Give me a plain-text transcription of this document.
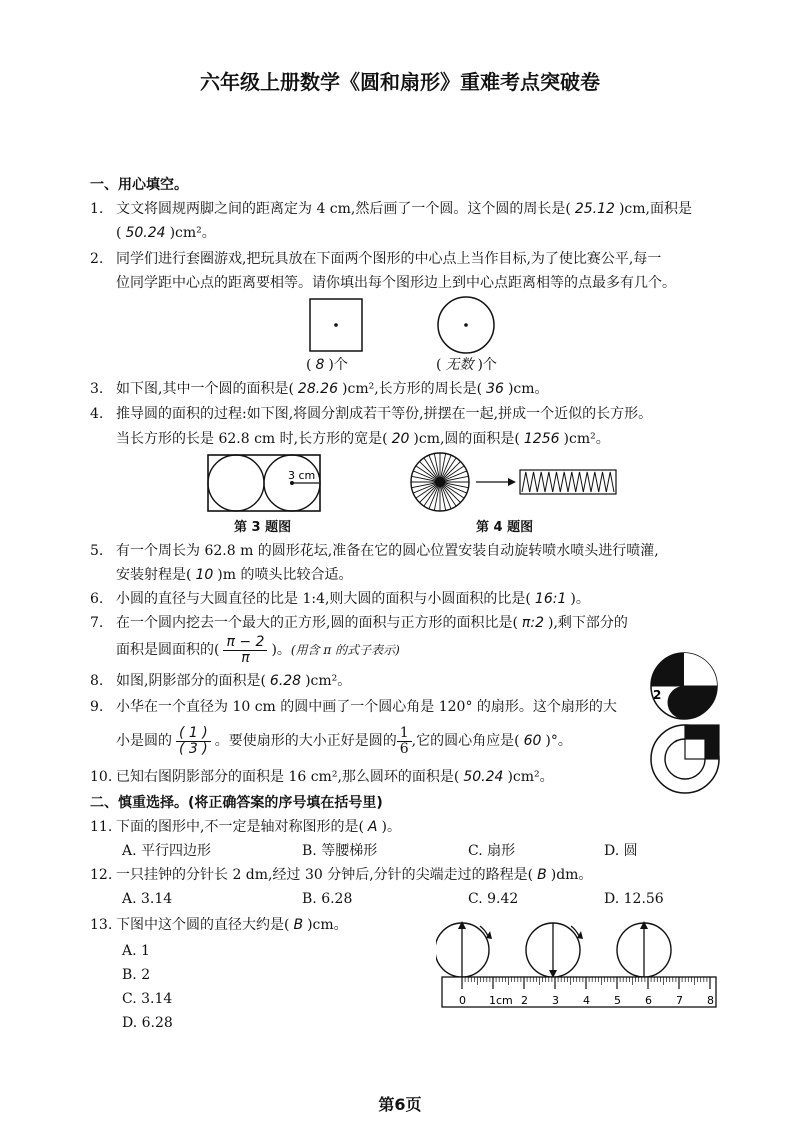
六年级上册数学《圆和扇形》重难考点突破卷
一、用心填空。
1. 文文将圆规两脚之间的距离定为 4 cm,然后画了一个圆。这个圆的周长是( 25.12 )cm,面积是
( 50.24 )cm²。
2. 同学们进行套圈游戏,把玩具放在下面两个图形的中心点上当作目标,为了使比赛公平,每一
位同学距中心点的距离要相等。请你填出每个图形边上到中心点距离相等的点最多有几个。
( 8 )个	( 无数 )个
3. 如下图,其中一个圆的面积是( 28.26 )cm²,长方形的周长是( 36 )cm。
4. 推导圆的面积的过程:如下图,将圆分割成若干等份,拼摆在一起,拼成一个近似的长方形。
当长方形的长是 62.8 cm 时,长方形的宽是( 20 )cm,圆的面积是( 1256 )cm²。
3 cm
第 3 题图	第 4 题图
5. 有一个周长为 62.8 m 的圆形花坛,准备在它的圆心位置安装自动旋转喷水喷头进行喷灌,
安装射程是( 10 )m 的喷头比较合适。
6. 小圆的直径与大圆直径的比是 1:4,则大圆的面积与小圆面积的比是( 16:1 )。
7. 在一个圆内挖去一个最大的正方形,圆的面积与正方形的面积比是( π:2 ),剩下部分的
面积是圆面积的( $\frac{\pi - 2}{\pi}$ )。(用含 π 的式子表示)
2
8. 如图,阴影部分的面积是( 6.28 )cm²。
9. 小华在一个直径为 10 cm 的圆中画了一个圆心角是 120° 的扇形。这个扇形的大
小是圆的 $\frac{( 1 )}{( 3 )}$ 。要使扇形的大小正好是圆的 $\frac{1}{6}$ ,它的圆心角应是( 60 )°。
10. 已知右图阴影部分的面积是 16 cm²,那么圆环的面积是( 50.24 )cm²。
二、慎重选择。(将正确答案的序号填在括号里)
11. 下面的图形中,不一定是轴对称图形的是( A )。
A. 平行四边形	B. 等腰梯形	C. 扇形	D. 圆
12. 一只挂钟的分针长 2 dm,经过 30 分钟后,分针的尖端走过的路程是( B )dm。
A. 3.14	B. 6.28	C. 9.42	D. 12.56
13. 下图中这个圆的直径大约是( B )cm。
A. 1
B. 2
C. 3.14
D. 6.28
0 1cm 2 3 4 5 6 7 8
第6页
